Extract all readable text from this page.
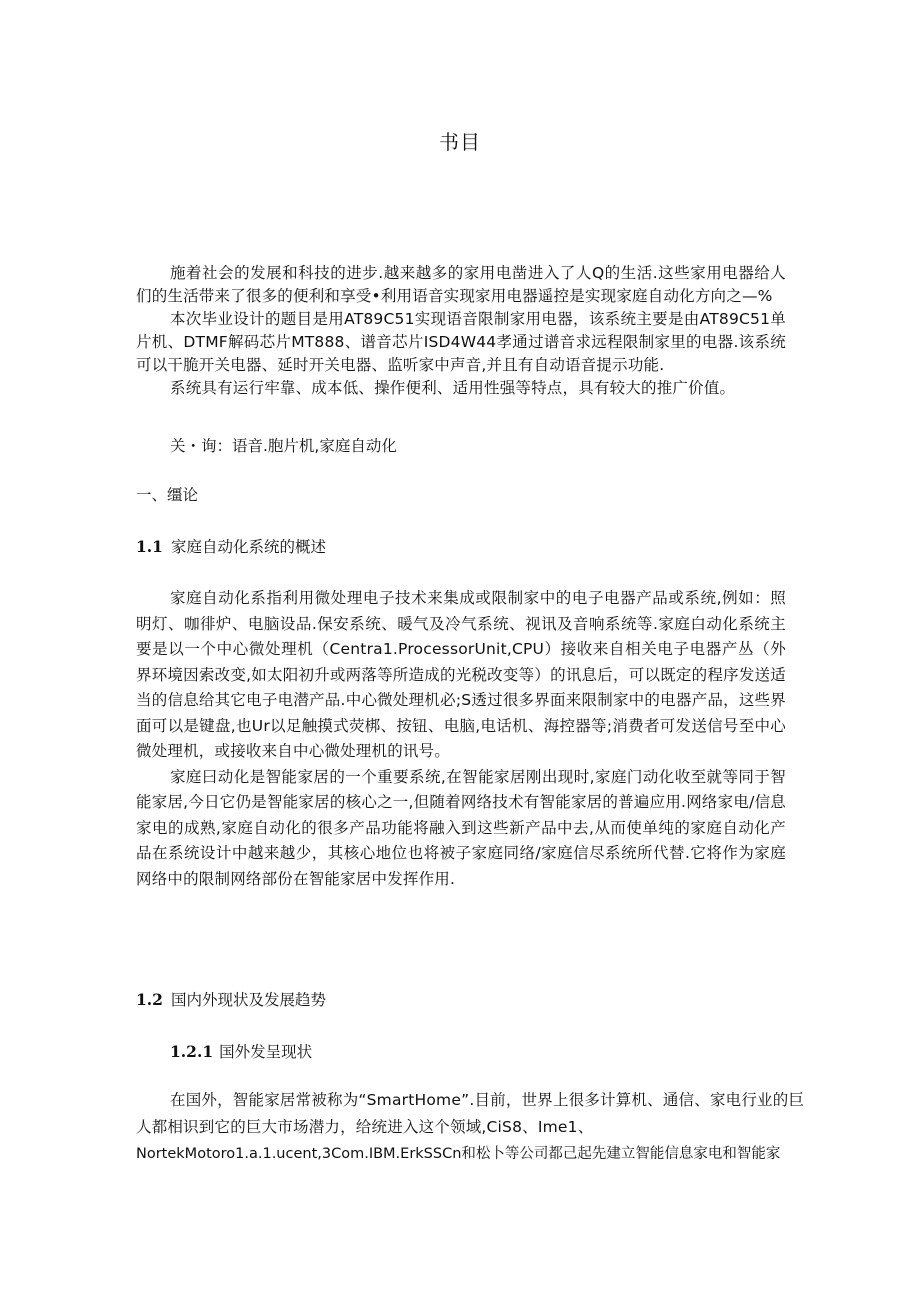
书目

施着社会的发展和科技的进步.越来越多的家用电凿进入了人Q的生活.这些家用电器给人们的生活带来了很多的便利和享受•利用语音实现家用电器遥控是实现家庭自动化方向之—%

本次毕业设计的题目是用AT89C51实现语音限制家用电器，该系统主要是由AT89C51单片机、DTMF解码芯片MT888、谱音芯片ISD4W44孝通过谱音求远程限制家里的电器.该系统可以干脆开关电器、延时开关电器、监听家中声音,并且有自动语音提示功能.

系统具有运行牢靠、成本低、操作便利、适用性强等特点，具有较大的推广价值。

关・询：语音.胞片机,家庭自动化
一、缰论
1.1 家庭自动化系统的概述

家庭自动化系指利用微处理电子技术来集成或限制家中的电子电器产品或系统,例如：照明灯、咖徘炉、电脑设品.保安系统、暖气及冷气系统、视讯及音响系统等.家庭白动化系统主要是以一个中心微处理机（Centra1.ProcessorUnit,CPU）接收来自相关电子电器产丛（外界环境因索改变,如太阳初升或两落等所造成的光税改变等）的讯息后，可以既定的程序发送适当的信息给其它电子电潜产品.中心微处理机必;S透过很多界面来限制家中的电器产品，这些界面可以是键盘,也Ur以足触摸式荧梆、按钮、电脑,电话机、海控器等;消费者可发送信号至中心微处理机，或接收来自中心微处理机的讯号。

家庭曰动化是智能家居的一个重要系统,在智能家居刚出现时,家庭门动化收至就等同于智能家居,今日它仍是智能家居的核心之一,但随着网络技术有智能家居的普遍应用.网络家电/信息家电的成熟,家庭自动化的很多产品功能将融入到这些新产品中去,从而使单纯的家庭自动化产品在系统设计中越来越少，其核心地位也将被子家庭同络/家庭信尽系统所代替.它将作为家庭网络中的限制网络部份在智能家居中发挥作用.

1.2 国内外现状及发展趋势
1.2.1 国外发呈现状
在国外，智能家居常被称为“SmartHome”.目前，世界上很多计算机、通信、家电行业的巨
人都相识到它的巨大市场潜力，给统进入这个领域,CiS8、Ime1、
NortekMotoro1.a.1.ucent,3Com.IBM.ErkSSCn和松卜等公司都己起先建立智能信息家电和智能家
